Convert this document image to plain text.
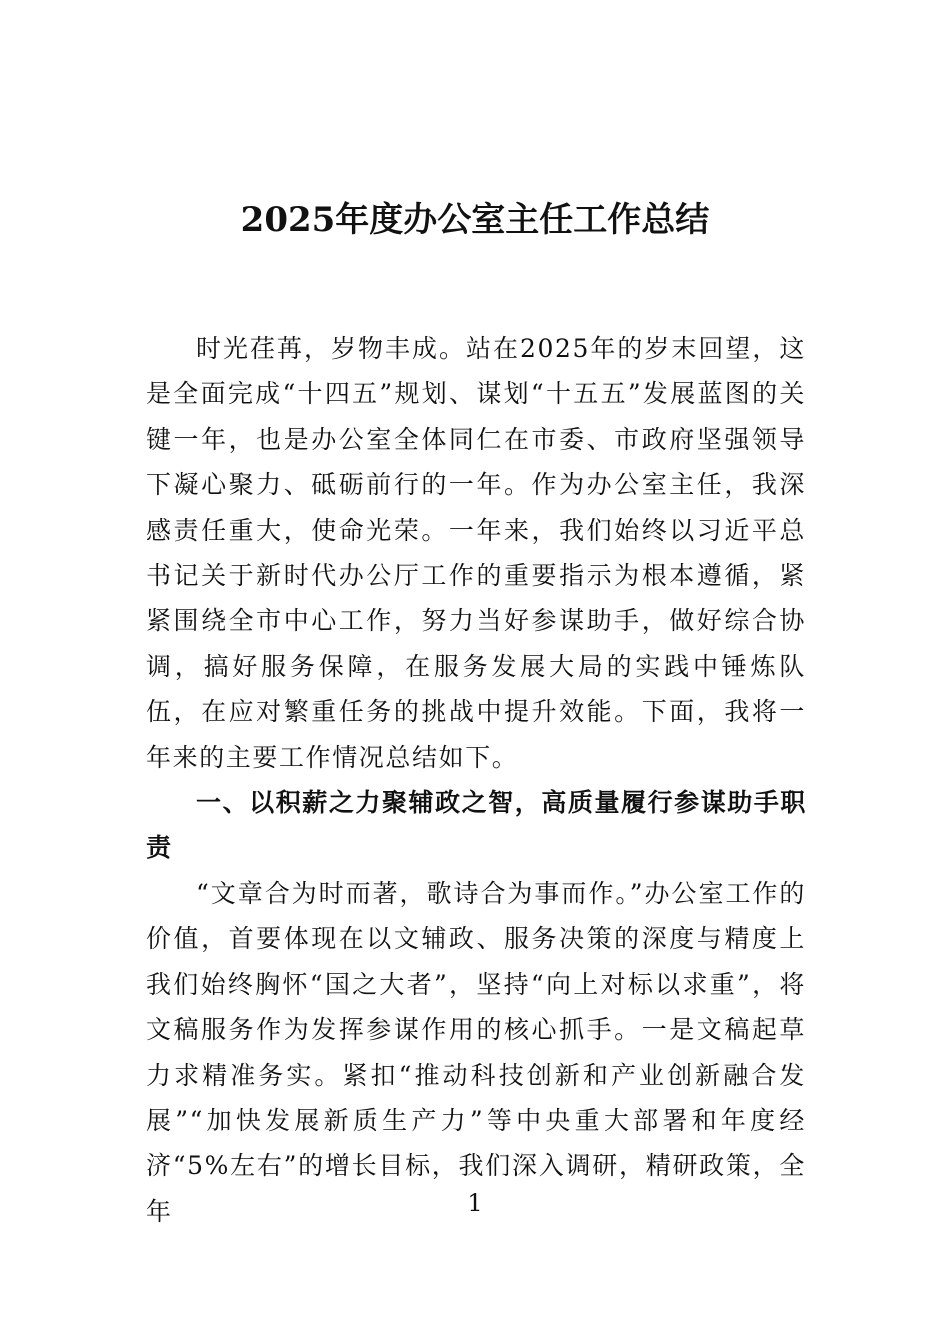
2025年度办公室主任工作总结

时光荏苒，岁物丰成。站在2025年的岁末回望，这是全面完成“十四五”规划、谋划“十五五”发展蓝图的关键一年，也是办公室全体同仁在市委、市政府坚强领导下凝心聚力、砥砺前行的一年。作为办公室主任，我深感责任重大，使命光荣。一年来，我们始终以习近平总书记关于新时代办公厅工作的重要指示为根本遵循，紧紧围绕全市中心工作，努力当好参谋助手，做好综合协调，搞好服务保障，在服务发展大局的实践中锤炼队伍，在应对繁重任务的挑战中提升效能。下面，我将一年来的主要工作情况总结如下。

一、以积薪之力聚辅政之智，高质量履行参谋助手职责

“文章合为时而著，歌诗合为事而作。”办公室工作的价值，首要体现在以文辅政、服务决策的深度与精度上我们始终胸怀“国之大者”，坚持“向上对标以求重”，将文稿服务作为发挥参谋作用的核心抓手。一是文稿起草力求精准务实。紧扣“推动科技创新和产业创新融合发展”“加快发展新质生产力”等中央重大部署和年度经济“5%左右”的增长目标，我们深入调研，精研政策，全年	1
